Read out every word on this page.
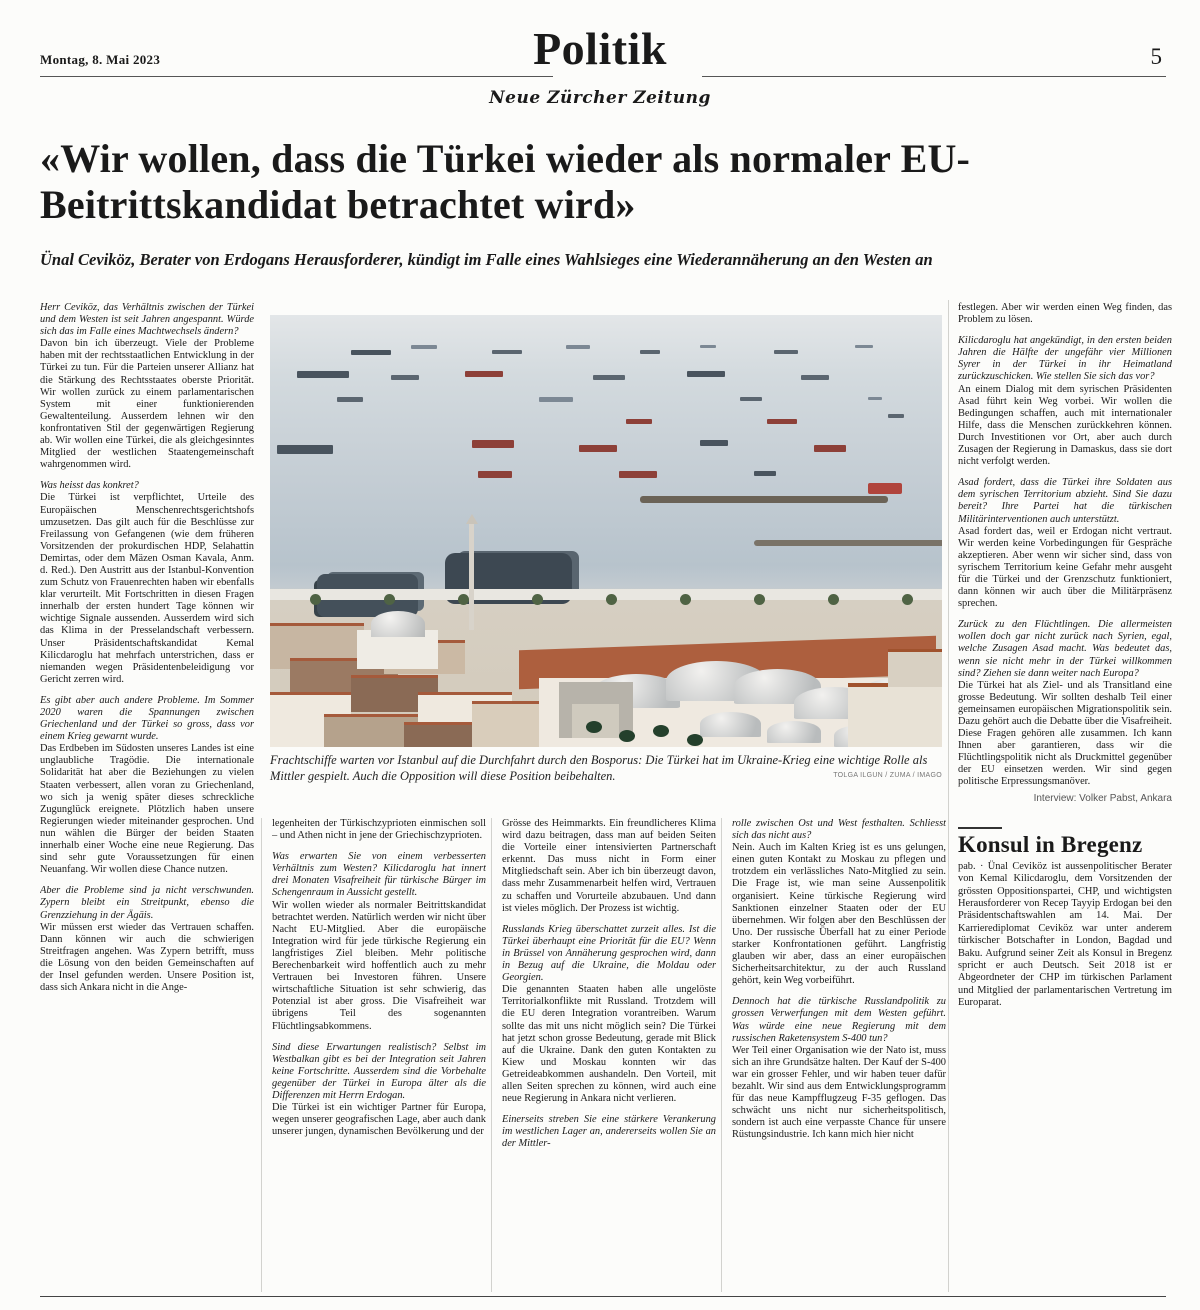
Montag, 8. Mai 2023	Politik
Neue Zürcher Zeitung
5
«Wir wollen, dass die Türkei wieder als normaler EU-Beitrittskandidat betrachtet wird»
Ünal Ceviköz, Berater von Erdogans Herausforderer, kündigt im Falle eines Wahlsieges eine Wiederannäherung an den Westen an
Frachtschiffe warten vor Istanbul auf die Durchfahrt durch den Bosporus: Die Türkei hat im Ukraine-Krieg eine wichtige Rolle als Mittler gespielt. Auch die Opposition will diese Position beibehalten.	TOLGA ILGUN / ZUMA / IMAGO

Herr Ceviköz, das Verhältnis zwischen der Türkei und dem Westen ist seit Jahren angespannt. Würde sich das im Falle eines Machtwechsels ändern?

Davon bin ich überzeugt. Viele der Probleme haben mit der rechtsstaatlichen Entwicklung in der Türkei zu tun. Für die Parteien unserer Allianz hat die Stärkung des Rechtsstaates oberste Priorität. Wir wollen zurück zu einem parlamentarischen System mit einer funktionierenden Gewaltenteilung. Ausserdem lehnen wir den konfrontativen Stil der gegenwärtigen Regierung ab. Wir wollen eine Türkei, die als gleichgesinntes Mitglied der westlichen Staatengemeinschaft wahrgenommen wird.

Was heisst das konkret?

Die Türkei ist verpflichtet, Urteile des Europäischen Menschenrechtsgerichtshofs umzusetzen. Das gilt auch für die Beschlüsse zur Freilassung von Gefangenen (wie dem früheren Vorsitzenden der prokurdischen HDP, Selahattin Demirtas, oder dem Mäzen Osman Kavala, Anm. d. Red.). Den Austritt aus der Istanbul-Konvention zum Schutz von Frauenrechten haben wir ebenfalls klar verurteilt. Mit Fortschritten in diesen Fragen innerhalb der ersten hundert Tage können wir wichtige Signale aussenden. Ausserdem wird sich das Klima in der Presselandschaft verbessern. Unser Präsidentschaftskandidat Kemal Kilicdaroglu hat mehrfach unterstrichen, dass er niemanden wegen Präsidentenbeleidigung vor Gericht zerren wird.

Es gibt aber auch andere Probleme. Im Sommer 2020 waren die Spannungen zwischen Griechenland und der Türkei so gross, dass vor einem Krieg gewarnt wurde.

Das Erdbeben im Südosten unseres Landes ist eine unglaubliche Tragödie. Die internationale Solidarität hat aber die Beziehungen zu vielen Staaten verbessert, allen voran zu Griechenland, wo sich ja wenig später dieses schreckliche Zugunglück ereignete. Plötzlich haben unsere Regierungen wieder miteinander gesprochen. Und nun wählen die Bürger der beiden Staaten innerhalb einer Woche eine neue Regierung. Das sind sehr gute Voraussetzungen für einen Neuanfang. Wir wollen diese Chance nutzen.

Aber die Probleme sind ja nicht verschwunden. Zypern bleibt ein Streitpunkt, ebenso die Grenzziehung in der Ägäis.

Wir müssen erst wieder das Vertrauen schaffen. Dann können wir auch die schwierigen Streitfragen angehen. Was Zypern betrifft, muss die Lösung von den beiden Gemeinschaften auf der Insel gefunden werden. Unsere Position ist, dass sich Ankara nicht in die Ange-

legenheiten der Türkischzyprioten einmischen soll – und Athen nicht in jene der Griechischzyprioten.

Was erwarten Sie von einem verbesserten Verhältnis zum Westen? Kilicdaroglu hat innert drei Monaten Visafreiheit für türkische Bürger im Schengenraum in Aussicht gestellt.

Wir wollen wieder als normaler Beitrittskandidat betrachtet werden. Natürlich werden wir nicht über Nacht EU-Mitglied. Aber die europäische Integration wird für jede türkische Regierung ein langfristiges Ziel bleiben. Mehr politische Berechenbarkeit wird hoffentlich auch zu mehr Vertrauen bei Investoren führen. Unsere wirtschaftliche Situation ist sehr schwierig, das Potenzial ist aber gross. Die Visafreiheit war übrigens Teil des sogenannten Flüchtlingsabkommens.

Sind diese Erwartungen realistisch? Selbst im Westbalkan gibt es bei der Integration seit Jahren keine Fortschritte. Ausserdem sind die Vorbehalte gegenüber der Türkei in Europa älter als die Differenzen mit Herrn Erdogan.

Die Türkei ist ein wichtiger Partner für Europa, wegen unserer geografischen Lage, aber auch dank unserer jungen, dynamischen Bevölkerung und der

Grösse des Heimmarkts. Ein freundlicheres Klima wird dazu beitragen, dass man auf beiden Seiten die Vorteile einer intensivierten Partnerschaft erkennt. Das muss nicht in Form einer Mitgliedschaft sein. Aber ich bin überzeugt davon, dass mehr Zusammenarbeit helfen wird, Vertrauen zu schaffen und Vorurteile abzubauen. Und dann ist vieles möglich. Der Prozess ist wichtig.

Russlands Krieg überschattet zurzeit alles. Ist die Türkei überhaupt eine Priorität für die EU? Wenn in Brüssel von Annäherung gesprochen wird, dann in Bezug auf die Ukraine, die Moldau oder Georgien.

Die genannten Staaten haben alle ungelöste Territorialkonflikte mit Russland. Trotzdem will die EU deren Integration vorantreiben. Warum sollte das mit uns nicht möglich sein? Die Türkei hat jetzt schon grosse Bedeutung, gerade mit Blick auf die Ukraine. Dank den guten Kontakten zu Kiew und Moskau konnten wir das Getreideabkommen aushandeln. Den Vorteil, mit allen Seiten sprechen zu können, wird auch eine neue Regierung in Ankara nicht verlieren.

Einerseits streben Sie eine stärkere Verankerung im westlichen Lager an, andererseits wollen Sie an der Mittler-

rolle zwischen Ost und West festhalten. Schliesst sich das nicht aus?

Nein. Auch im Kalten Krieg ist es uns gelungen, einen guten Kontakt zu Moskau zu pflegen und trotzdem ein verlässliches Nato-Mitglied zu sein. Die Frage ist, wie man seine Aussenpolitik organisiert. Keine türkische Regierung wird Sanktionen einzelner Staaten oder der EU übernehmen. Wir folgen aber den Beschlüssen der Uno. Der russische Überfall hat zu einer Periode starker Konfrontationen geführt. Langfristig glauben wir aber, dass an einer europäischen Sicherheitsarchitektur, zu der auch Russland gehört, kein Weg vorbeiführt.

Dennoch hat die türkische Russlandpolitik zu grossen Verwerfungen mit dem Westen geführt. Was würde eine neue Regierung mit dem russischen Raketensystem S-400 tun?

Wer Teil einer Organisation wie der Nato ist, muss sich an ihre Grundsätze halten. Der Kauf der S-400 war ein grosser Fehler, und wir haben teuer dafür bezahlt. Wir sind aus dem Entwicklungsprogramm für das neue Kampfflugzeug F-35 geflogen. Das schwächt uns nicht nur sicherheitspolitisch, sondern ist auch eine verpasste Chance für unsere Rüstungsindustrie. Ich kann mich hier nicht

festlegen. Aber wir werden einen Weg finden, das Problem zu lösen.

Kilicdaroglu hat angekündigt, in den ersten beiden Jahren die Hälfte der ungefähr vier Millionen Syrer in der Türkei in ihr Heimatland zurückzuschicken. Wie stellen Sie sich das vor?

An einem Dialog mit dem syrischen Präsidenten Asad führt kein Weg vorbei. Wir wollen die Bedingungen schaffen, auch mit internationaler Hilfe, dass die Menschen zurückkehren können. Durch Investitionen vor Ort, aber auch durch Zusagen der Regierung in Damaskus, dass sie dort nicht verfolgt werden.

Asad fordert, dass die Türkei ihre Soldaten aus dem syrischen Territorium abzieht. Sind Sie dazu bereit? Ihre Partei hat die türkischen Militärinterventionen auch unterstützt.

Asad fordert das, weil er Erdogan nicht vertraut. Wir werden keine Vorbedingungen für Gespräche akzeptieren. Aber wenn wir sicher sind, dass von syrischem Territorium keine Gefahr mehr ausgeht für die Türkei und der Grenzschutz funktioniert, dann können wir auch über die Militärpräsenz sprechen.

Zurück zu den Flüchtlingen. Die allermeisten wollen doch gar nicht zurück nach Syrien, egal, welche Zusagen Asad macht. Was bedeutet das, wenn sie nicht mehr in der Türkei willkommen sind? Ziehen sie dann weiter nach Europa?

Die Türkei hat als Ziel- und als Transitland eine grosse Bedeutung. Wir sollten deshalb Teil einer gemeinsamen europäischen Migrationspolitik sein. Dazu gehört auch die Debatte über die Visafreiheit. Diese Fragen gehören alle zusammen. Ich kann Ihnen aber garantieren, dass wir die Flüchtlingspolitik nicht als Druckmittel gegenüber der EU einsetzen werden. Wir sind gegen politische Erpressungsmanöver.

Interview: Volker Pabst, Ankara
Konsul in Bregenz
pab. · Ünal Ceviköz ist aussenpolitischer Berater von Kemal Kilicdaroglu, dem Vorsitzenden der grössten Oppositionspartei, CHP, und wichtigsten Herausforderer von Recep Tayyip Erdogan bei den Präsidentschaftswahlen am 14. Mai. Der Karrierediplomat Ceviköz war unter anderem türkischer Botschafter in London, Bagdad und Baku. Aufgrund seiner Zeit als Konsul in Bregenz spricht er auch Deutsch. Seit 2018 ist er Abgeordneter der CHP im türkischen Parlament und Mitglied der parlamentarischen Vertretung im Europarat.
